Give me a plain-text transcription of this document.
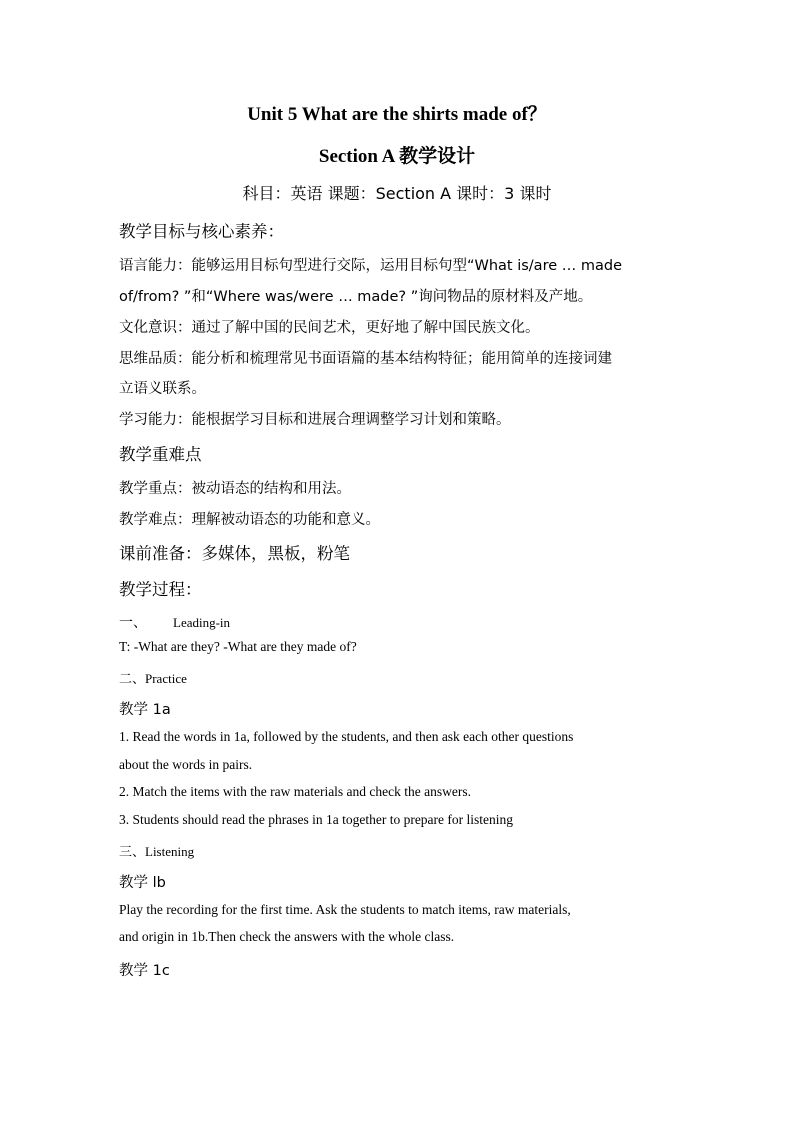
Unit 5 What are the shirts made of？
Section A 教学设计
科目：英语 课题：Section A 课时：3 课时
教学目标与核心素养：
语言能力：能够运用目标句型进行交际，运用目标句型“What is/are … made
of/from? ”和“Where was/were … made? ”询问物品的原材料及产地。
文化意识：通过了解中国的民间艺术，更好地了解中国民族文化。
思维品质：能分析和梳理常见书面语篇的基本结构特征；能用简单的连接词建
立语义联系。
学习能力：能根据学习目标和进展合理调整学习计划和策略。
教学重难点
教学重点：被动语态的结构和用法。
教学难点：理解被动语态的功能和意义。
课前准备：多媒体，黑板，粉笔
教学过程：
一、 Leading-in
T: -What are they? -What are they made of?
二、Practice
教学 1a
1. Read the words in 1a, followed by the students, and then ask each other questions
about the words in pairs.
2. Match the items with the raw materials and check the answers.
3. Students should read the phrases in 1a together to prepare for listening
三、Listening
教学 lb
Play the recording for the first time. Ask the students to match items, raw materials,
and origin in 1b.Then check the answers with the whole class.
教学 1c
